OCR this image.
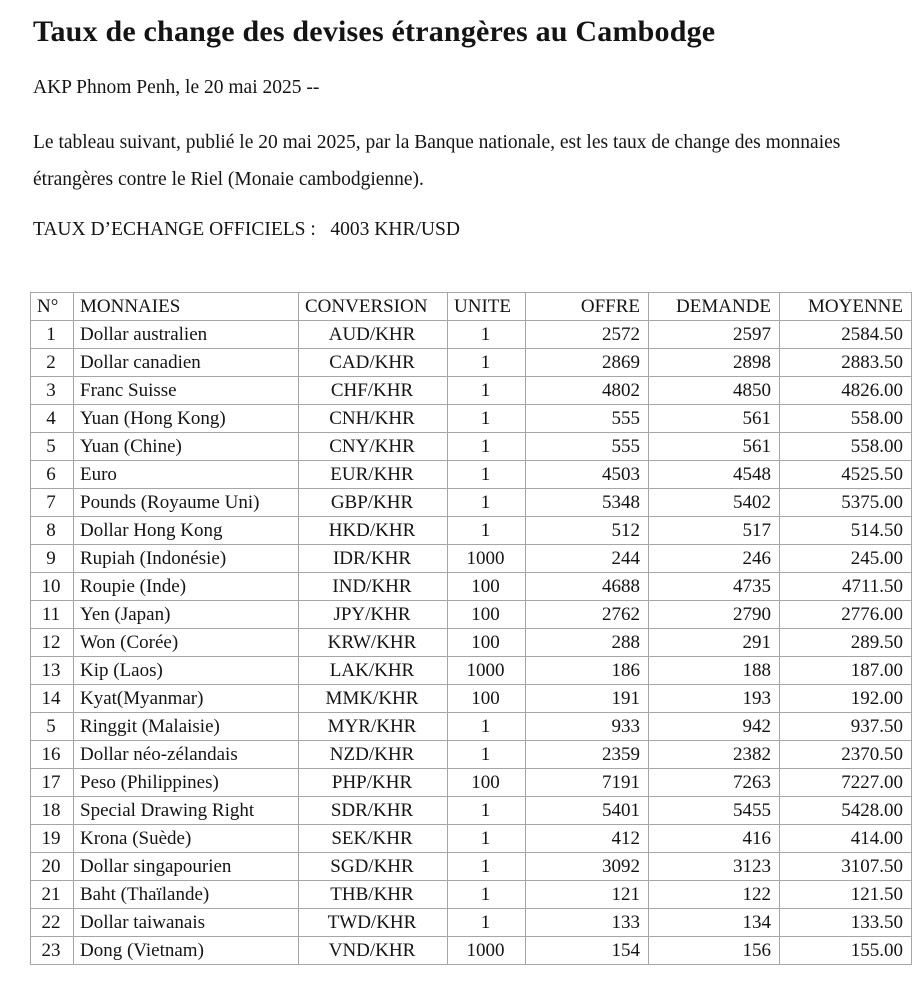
Taux de change des devises étrangères au Cambodge

AKP Phnom Penh, le 20 mai 2025 --

Le tableau suivant, publié le 20 mai 2025, par la Banque nationale, est les taux de change des monnaies étrangères contre le Riel (Monaie cambodgienne).

TAUX D’ECHANGE OFFICIELS :   4003 KHR/USD

N°	MONNAIES	CONVERSION	UNITE	OFFRE	DEMANDE	MOYENNE
1	Dollar australien	AUD/KHR	1	2572	2597	2584.50
2	Dollar canadien	CAD/KHR	1	2869	2898	2883.50
3	Franc Suisse	CHF/KHR	1	4802	4850	4826.00
4	Yuan (Hong Kong)	CNH/KHR	1	555	561	558.00
5	Yuan (Chine)	CNY/KHR	1	555	561	558.00
6	Euro	EUR/KHR	1	4503	4548	4525.50
7	Pounds (Royaume Uni)	GBP/KHR	1	5348	5402	5375.00
8	Dollar Hong Kong	HKD/KHR	1	512	517	514.50
9	Rupiah (Indonésie)	IDR/KHR	1000	244	246	245.00
10	Roupie (Inde)	IND/KHR	100	4688	4735	4711.50
11	Yen (Japan)	JPY/KHR	100	2762	2790	2776.00
12	Won (Corée)	KRW/KHR	100	288	291	289.50
13	Kip (Laos)	LAK/KHR	1000	186	188	187.00
14	Kyat(Myanmar)	MMK/KHR	100	191	193	192.00
5	Ringgit (Malaisie)	MYR/KHR	1	933	942	937.50
16	Dollar néo-zélandais	NZD/KHR	1	2359	2382	2370.50
17	Peso (Philippines)	PHP/KHR	100	7191	7263	7227.00
18	Special Drawing Right	SDR/KHR	1	5401	5455	5428.00
19	Krona (Suède)	SEK/KHR	1	412	416	414.00
20	Dollar singapourien	SGD/KHR	1	3092	3123	3107.50
21	Baht (Thaïlande)	THB/KHR	1	121	122	121.50
22	Dollar taiwanais	TWD/KHR	1	133	134	133.50
23	Dong (Vietnam)	VND/KHR	1000	154	156	155.00
